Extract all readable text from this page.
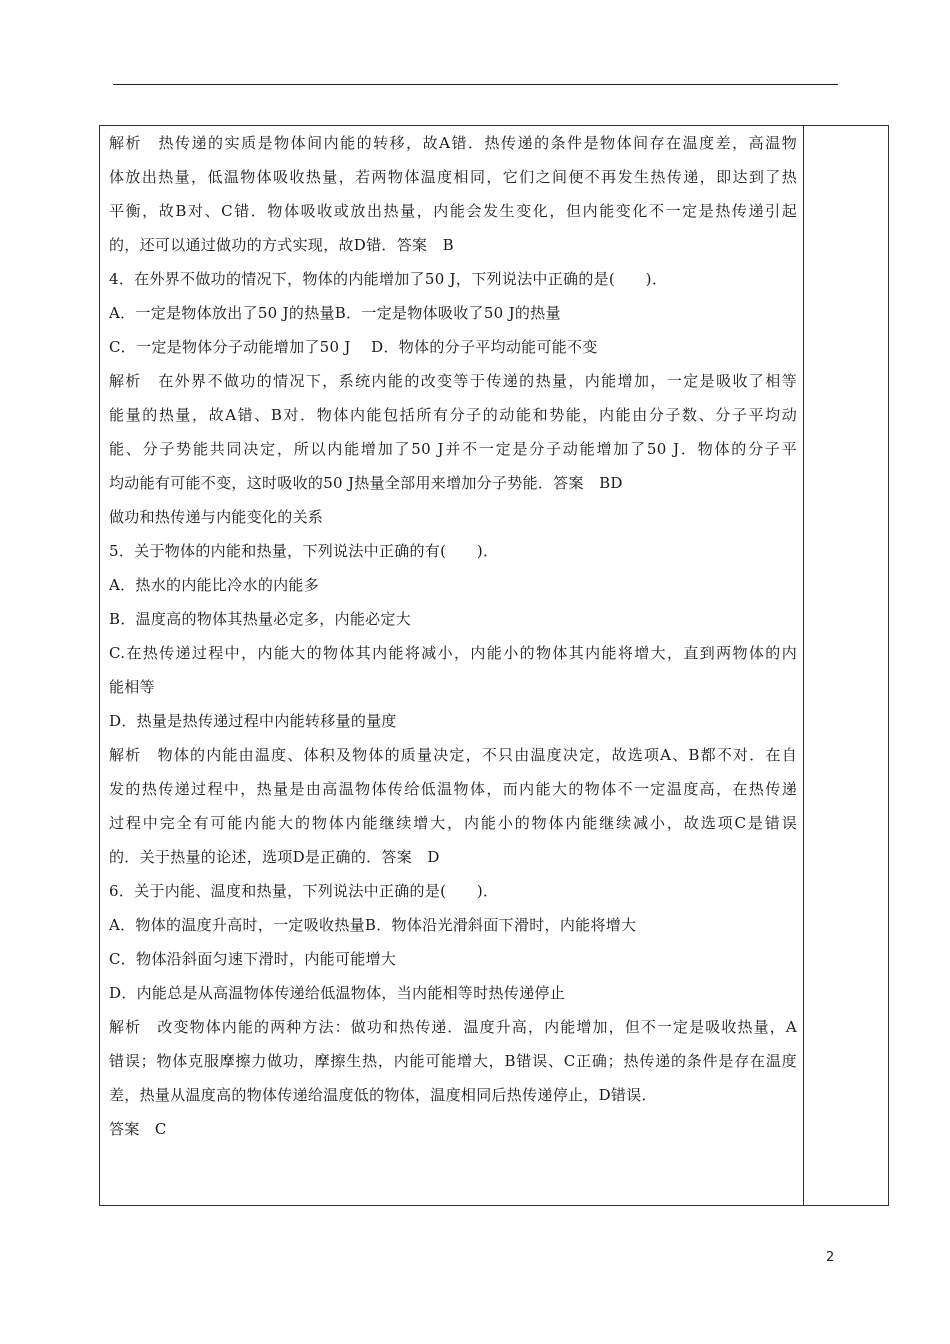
解析　热传递的实质是物体间内能的转移，故A错．热传递的条件是物体间存在温度差，高温物
体放出热量，低温物体吸收热量，若两物体温度相同，它们之间便不再发生热传递，即达到了热
平衡，故B对、C错．物体吸收或放出热量，内能会发生变化，但内能变化不一定是热传递引起
的，还可以通过做功的方式实现，故D错．答案　B
4．在外界不做功的情况下，物体的内能增加了50 J，下列说法中正确的是(　　)．
A．一定是物体放出了50 J的热量B．一定是物体吸收了50 J的热量
C．一定是物体分子动能增加了50 J　 D．物体的分子平均动能可能不变
解析　在外界不做功的情况下，系统内能的改变等于传递的热量，内能增加，一定是吸收了相等
能量的热量，故A错、B对．物体内能包括所有分子的动能和势能，内能由分子数、分子平均动
能、分子势能共同决定，所以内能增加了50 J并不一定是分子动能增加了50 J．物体的分子平
均动能有可能不变，这时吸收的50 J热量全部用来增加分子势能．答案　BD
做功和热传递与内能变化的关系
5．关于物体的内能和热量，下列说法中正确的有(　　)．
A．热水的内能比冷水的内能多
B．温度高的物体其热量必定多，内能必定大
C.在热传递过程中，内能大的物体其内能将减小，内能小的物体其内能将增大，直到两物体的内
能相等
D．热量是热传递过程中内能转移量的量度
解析　物体的内能由温度、体积及物体的质量决定，不只由温度决定，故选项A、B都不对．在自
发的热传递过程中，热量是由高温物体传给低温物体，而内能大的物体不一定温度高，在热传递
过程中完全有可能内能大的物体内能继续增大，内能小的物体内能继续减小，故选项C是错误
的．关于热量的论述，选项D是正确的．答案　D
6．关于内能、温度和热量，下列说法中正确的是(　　)．
A．物体的温度升高时，一定吸收热量B．物体沿光滑斜面下滑时，内能将增大
C．物体沿斜面匀速下滑时，内能可能增大
D．内能总是从高温物体传递给低温物体，当内能相等时热传递停止
解析　改变物体内能的两种方法：做功和热传递．温度升高，内能增加，但不一定是吸收热量，A
错误；物体克服摩擦力做功，摩擦生热，内能可能增大，B错误、C正确；热传递的条件是存在温度
差，热量从温度高的物体传递给温度低的物体，温度相同后热传递停止，D错误．
答案　C
2
